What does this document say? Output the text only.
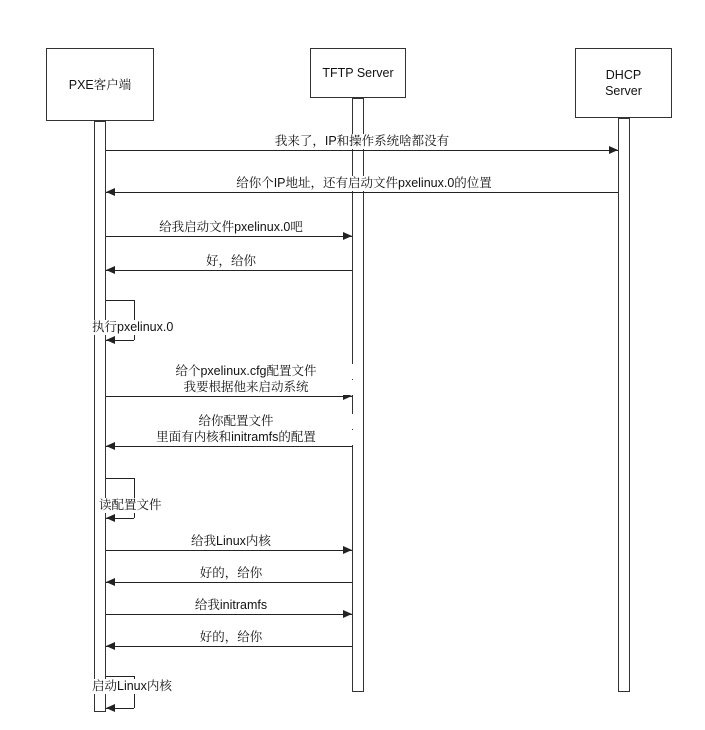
PXE客户端
TFTP Server	DHCP
Server
我来了，IP和操作系统啥都没有
给你个IP地址，还有启动文件pxelinux.0的位置
给我启动文件pxelinux.0吧
好，给你
执行pxelinux.0
给个pxelinux.cfg配置文件
我要根据他来启动系统
给你配置文件
里面有内核和initramfs的配置
读配置文件
给我Linux内核
好的，给你
给我initramfs
好的，给你
启动Linux内核
